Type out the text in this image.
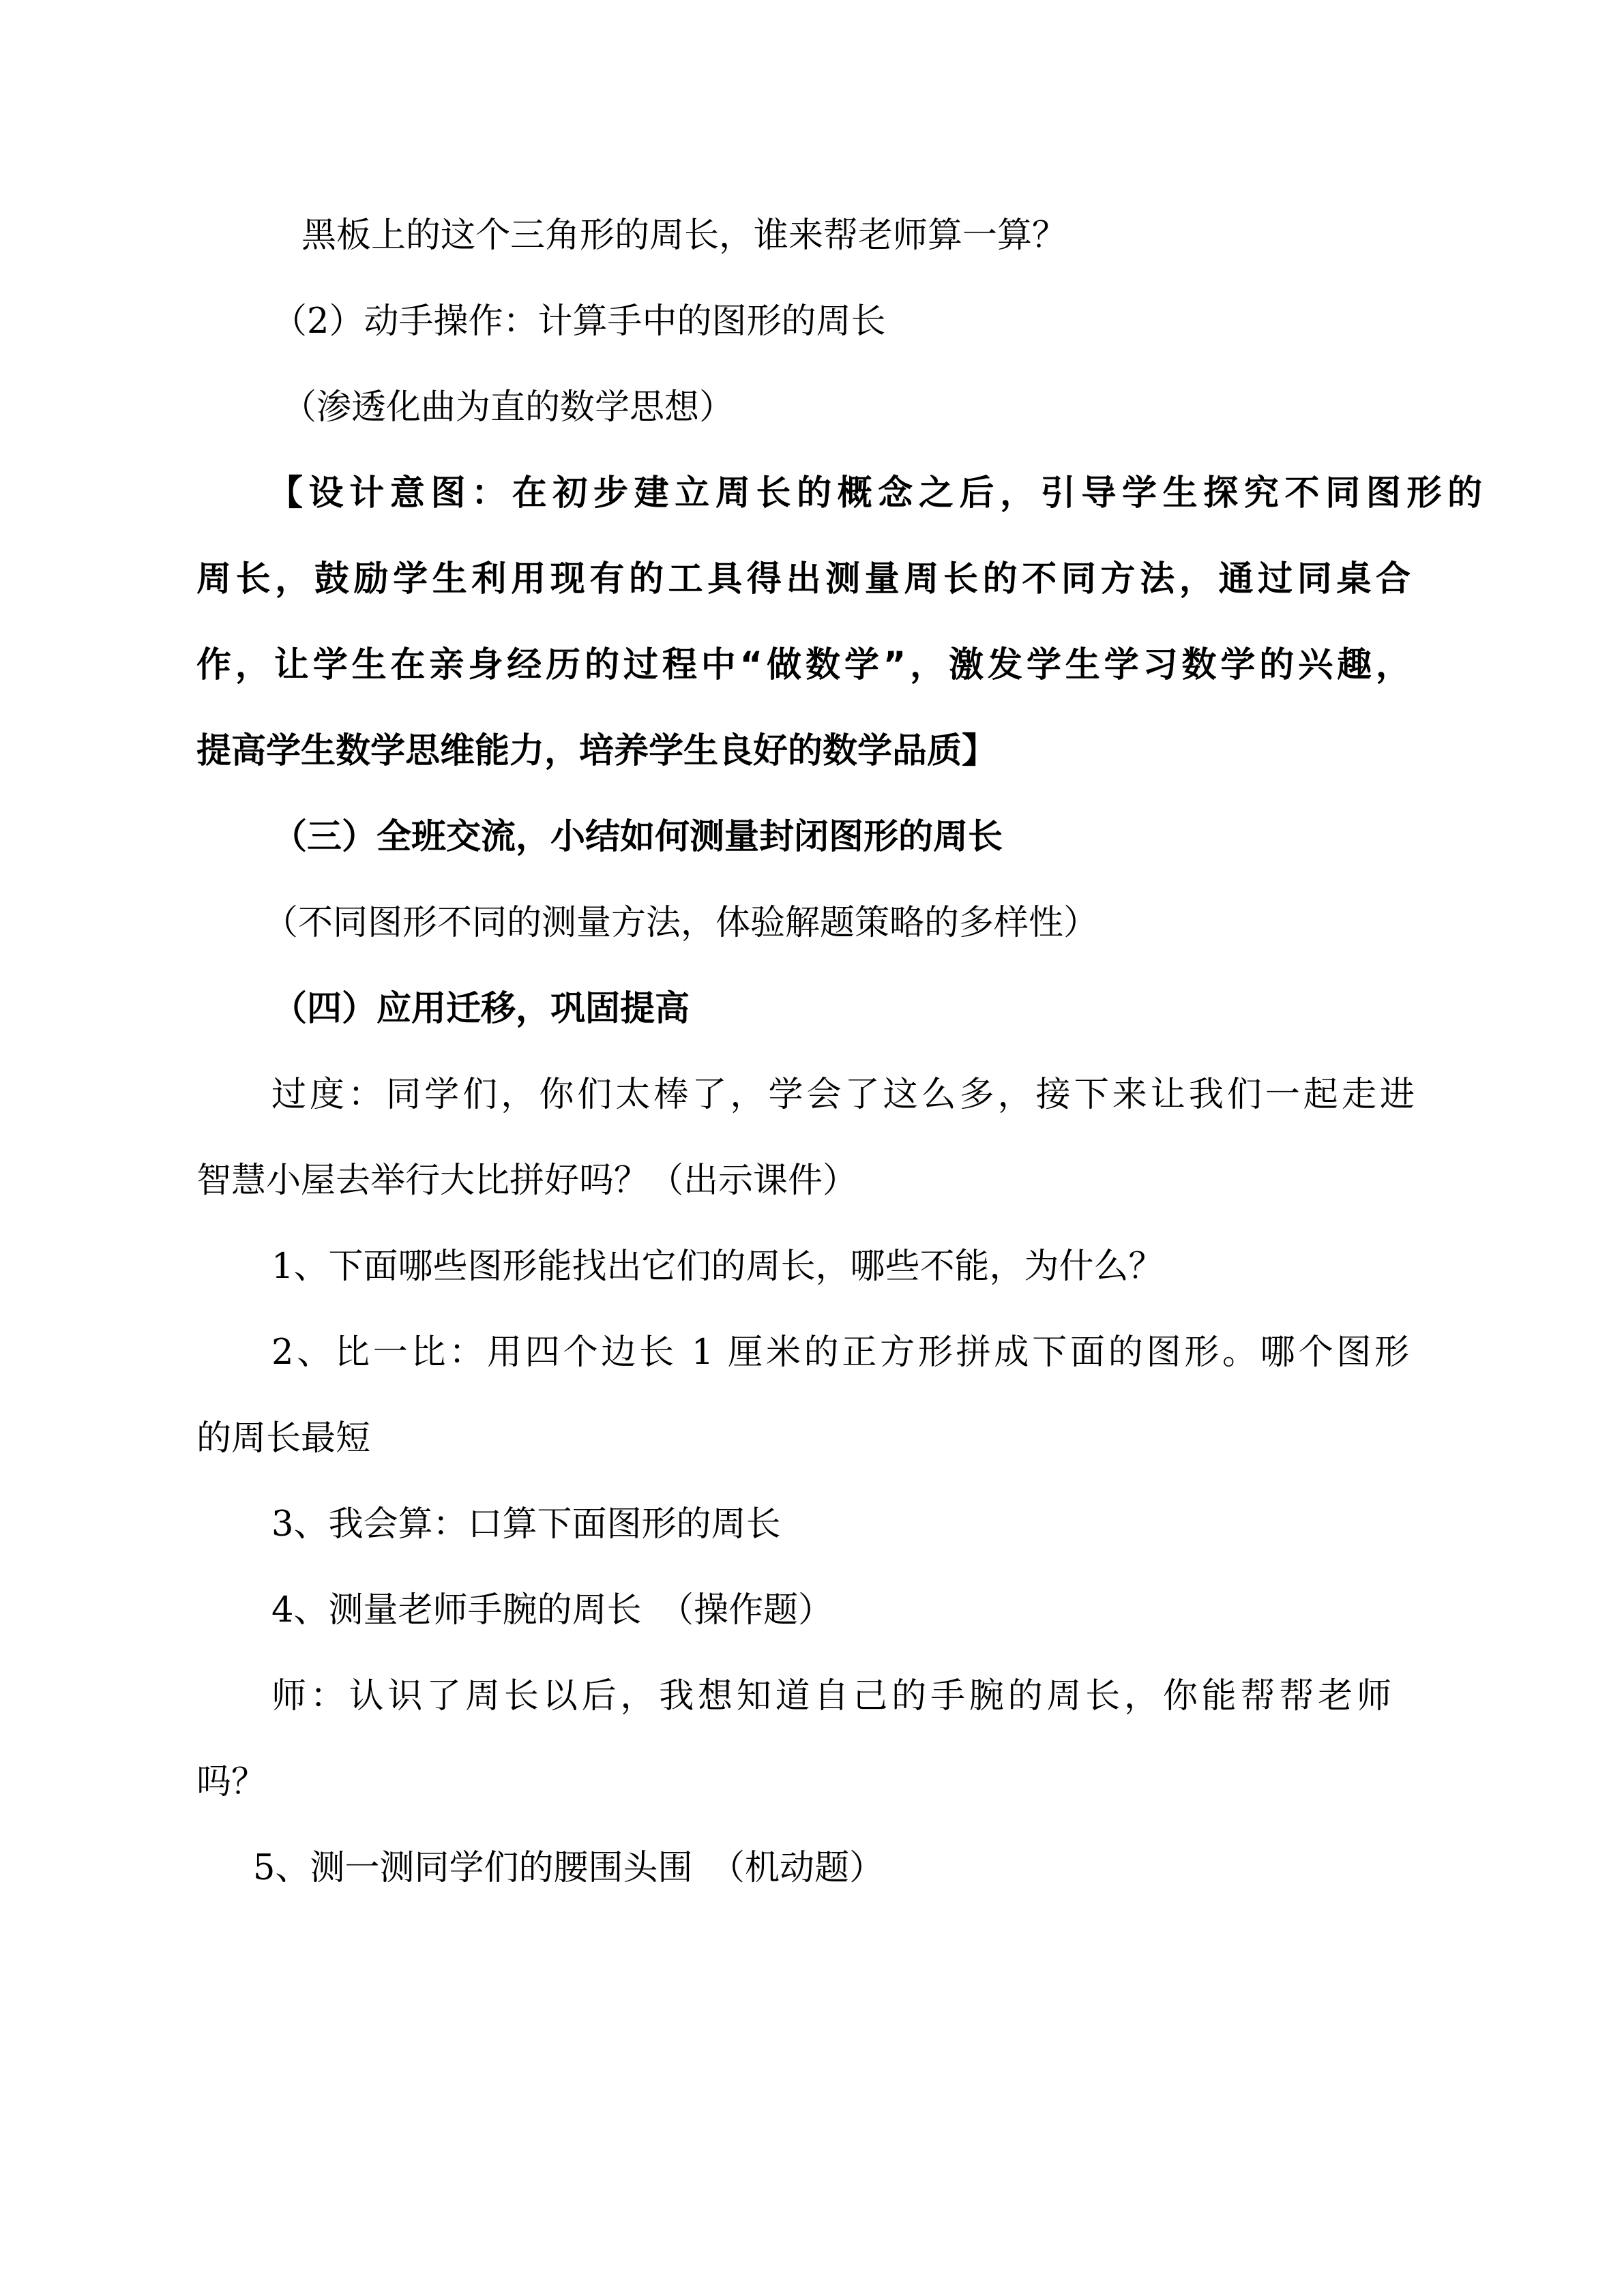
黑板上的这个三角形的周长，谁来帮老师算一算？

（2）动手操作：计算手中的图形的周长

（渗透化曲为直的数学思想）

【设计意图：在初步建立周长的概念之后，引导学生探究不同图形的

周长，鼓励学生利用现有的工具得出测量周长的不同方法，通过同桌合

作，让学生在亲身经历的过程中“做数学”，激发学生学习数学的兴趣，

提高学生数学思维能力，培养学生良好的数学品质】

（三）全班交流，小结如何测量封闭图形的周长

（不同图形不同的测量方法，体验解题策略的多样性）

（四）应用迁移，巩固提高

过度：同学们，你们太棒了，学会了这么多，接下来让我们一起走进

智慧小屋去举行大比拼好吗？（出示课件）

1、下面哪些图形能找出它们的周长，哪些不能，为什么？

2、比一比：用四个边长 1 厘米的正方形拼成下面的图形。哪个图形

的周长最短

3、我会算：口算下面图形的周长

4、测量老师手腕的周长　（操作题）

师：认识了周长以后，我想知道自己的手腕的周长，你能帮帮老师

吗？

5、测一测同学们的腰围头围　（机动题）
